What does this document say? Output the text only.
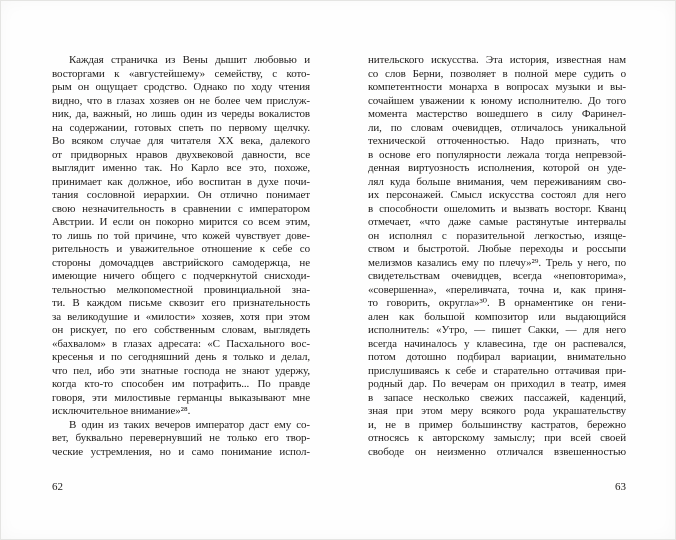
Каждая страничка из Вены дышит любовью и
восторгами к «августейшему» семейству, с кото-
рым он ощущает сродство. Однако по ходу чтения
видно, что в глазах хозяев он не более чем прислуж-
ник, да, важный, но лишь один из череды вокалистов
на содержании, готовых спеть по первому щелчку.
Во всяком случае для читателя XX века, далекого
от придворных нравов двухвековой давности, все
выглядит именно так. Но Карло все это, похоже,
принимает как должное, ибо воспитан в духе почи-
тания сословной иерархии. Он отлично понимает
свою незначительность в сравнении с императором
Австрии. И если он покорно мирится со всем этим,
то лишь по той причине, что кожей чувствует дове-
рительность и уважительное отношение к себе со
стороны домочадцев австрийского самодержца, не
имеющие ничего общего с подчеркнутой снисходи-
тельностью мелкопоместной провинциальной зна-
ти. В каждом письме сквозит его признательность
за великодушие и «милости» хозяев, хотя при этом
он рискует, по его собственным словам, выглядеть
«бахвалом» в глазах адресата: «С Пасхального вос-
кресенья и по сегодняшний день я только и делал,
что пел, ибо эти знатные господа не знают удержу,
когда кто-то способен им потрафить... По правде
говоря, эти милостивые германцы выказывают мне
исключительное внимание»²⁸.
В один из таких вечеров император даст ему со-
вет, буквально перевернувший не только его твор-
ческие устремления, но и само понимание испол-
нительского искусства. Эта история, известная нам
со слов Берни, позволяет в полной мере судить о
компетентности монарха в вопросах музыки и вы-
сочайшем уважении к юному исполнителю. До того
момента мастерство вошедшего в силу Фаринел-
ли, по словам очевидцев, отличалось уникальной
технической отточенностью. Надо признать, что
в основе его популярности лежала тогда непревзой-
денная виртуозность исполнения, которой он уде-
лял куда больше внимания, чем переживаниям сво-
их персонажей. Смысл искусства состоял для него
в способности ошеломить и вызвать восторг. Кванц
отмечает, «что даже самые растянутые интервалы
он исполнял с поразительной легкостью, изяще-
ством и быстротой. Любые переходы и россыпи
мелизмов казались ему по плечу»²⁹. Трель у него, по
свидетельствам очевидцев, всегда «неповторима»,
«совершенна», «переливчата, точна и, как приня-
то говорить, округла»³⁰. В орнаментике он гени-
ален как большой композитор или выдающийся
исполнитель: «Утро, — пишет Сакки, — для него
всегда начиналось у клавесина, где он распевался,
потом дотошно подбирал вариации, внимательно
прислушиваясь к себе и старательно оттачивая при-
родный дар. По вечерам он приходил в театр, имея
в запасе несколько свежих пассажей, каденций,
зная при этом меру всякого рода украшательству
и, не в пример большинству кастратов, бережно
относясь к авторскому замыслу; при всей своей
свободе он неизменно отличался взвешенностью
62	63
